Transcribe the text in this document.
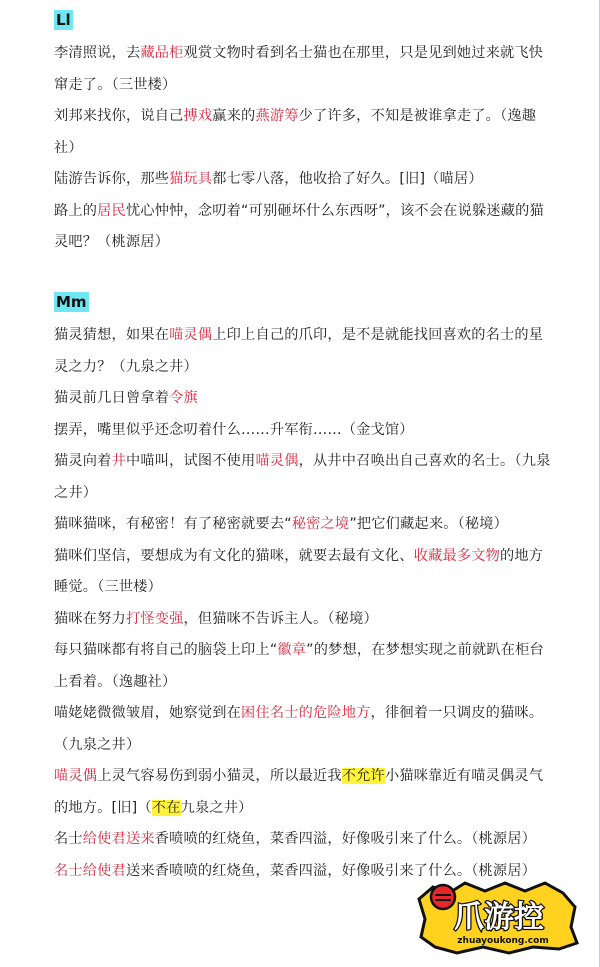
Ll

李清照说，去藏品柜观赏文物时看到名士猫也在那里，只是见到她过来就飞快窜走了。（三世楼）

刘邦来找你，说自己搏戏赢来的燕游筹少了许多，不知是被谁拿走了。（逸趣社）

陆游告诉你，那些猫玩具都七零八落，他收拾了好久。[旧]（喵居）

路上的居民忧心忡忡，念叨着“可别砸坏什么东西呀”，该不会在说躲迷藏的猫灵吧？（桃源居）

Mm

猫灵猜想，如果在喵灵偶上印上自己的爪印，是不是就能找回喜欢的名士的星灵之力？（九泉之井）

猫灵前几日曾拿着令旗摆弄，嘴里似乎还念叨着什么……升军衔……（金戈馆）

猫灵向着井中喵叫，试图不使用喵灵偶，从井中召唤出自己喜欢的名士。（九泉之井）

猫咪猫咪，有秘密！有了秘密就要去“秘密之境”把它们藏起来。（秘境）

猫咪们坚信，要想成为有文化的猫咪，就要去最有文化、收藏最多文物的地方睡觉。（三世楼）

猫咪在努力打怪变强，但猫咪不告诉主人。（秘境）

每只猫咪都有将自己的脑袋上印上“徽章”的梦想，在梦想实现之前就趴在柜台上看着。（逸趣社）

喵姥姥微微皱眉，她察觉到在困住名士的危险地方，徘徊着一只调皮的猫咪。（九泉之井）

喵灵偶上灵气容易伤到弱小猫灵，所以最近我不允许小猫咪靠近有喵灵偶灵气的地方。[旧]（不在九泉之井）

名士给使君送来香喷喷的红烧鱼，菜香四溢，好像吸引来了什么。（桃源居）

名士给使君送来香喷喷的红烧鱼，菜香四溢，好像吸引来了什么。（桃源居）

爪游控
zhuayoukong.com
